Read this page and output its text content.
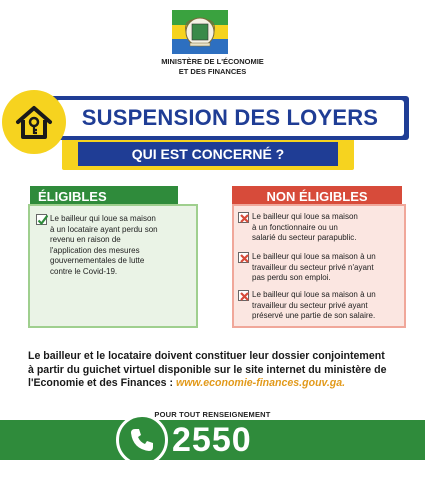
MINISTÈRE DE L'ÉCONOMIE
ET DES FINANCES
SUSPENSION DES LOYERS
QUI EST CONCERNÉ ?
ÉLIGIBLES
Le bailleur qui loue sa maison
à un locataire ayant perdu son
revenu en raison de
l'application des mesures
gouvernementales de lutte
contre le Covid-19.
NON ÉLIGIBLES
Le bailleur qui loue sa maison
à un fonctionnaire ou un
salarié du secteur parapublic.
Le bailleur qui loue sa maison à un
travailleur du secteur privé n'ayant
pas perdu son emploi.
Le bailleur qui loue sa maison à un
travailleur du secteur privé ayant
préservé une partie de son salaire.
Le bailleur et le locataire doivent constituer leur dossier conjointement
à partir du guichet virtuel disponible sur le site internet du ministère de
l'Economie et des Finances : www.economie-finances.gouv.ga.
POUR TOUT RENSEIGNEMENT
2550
